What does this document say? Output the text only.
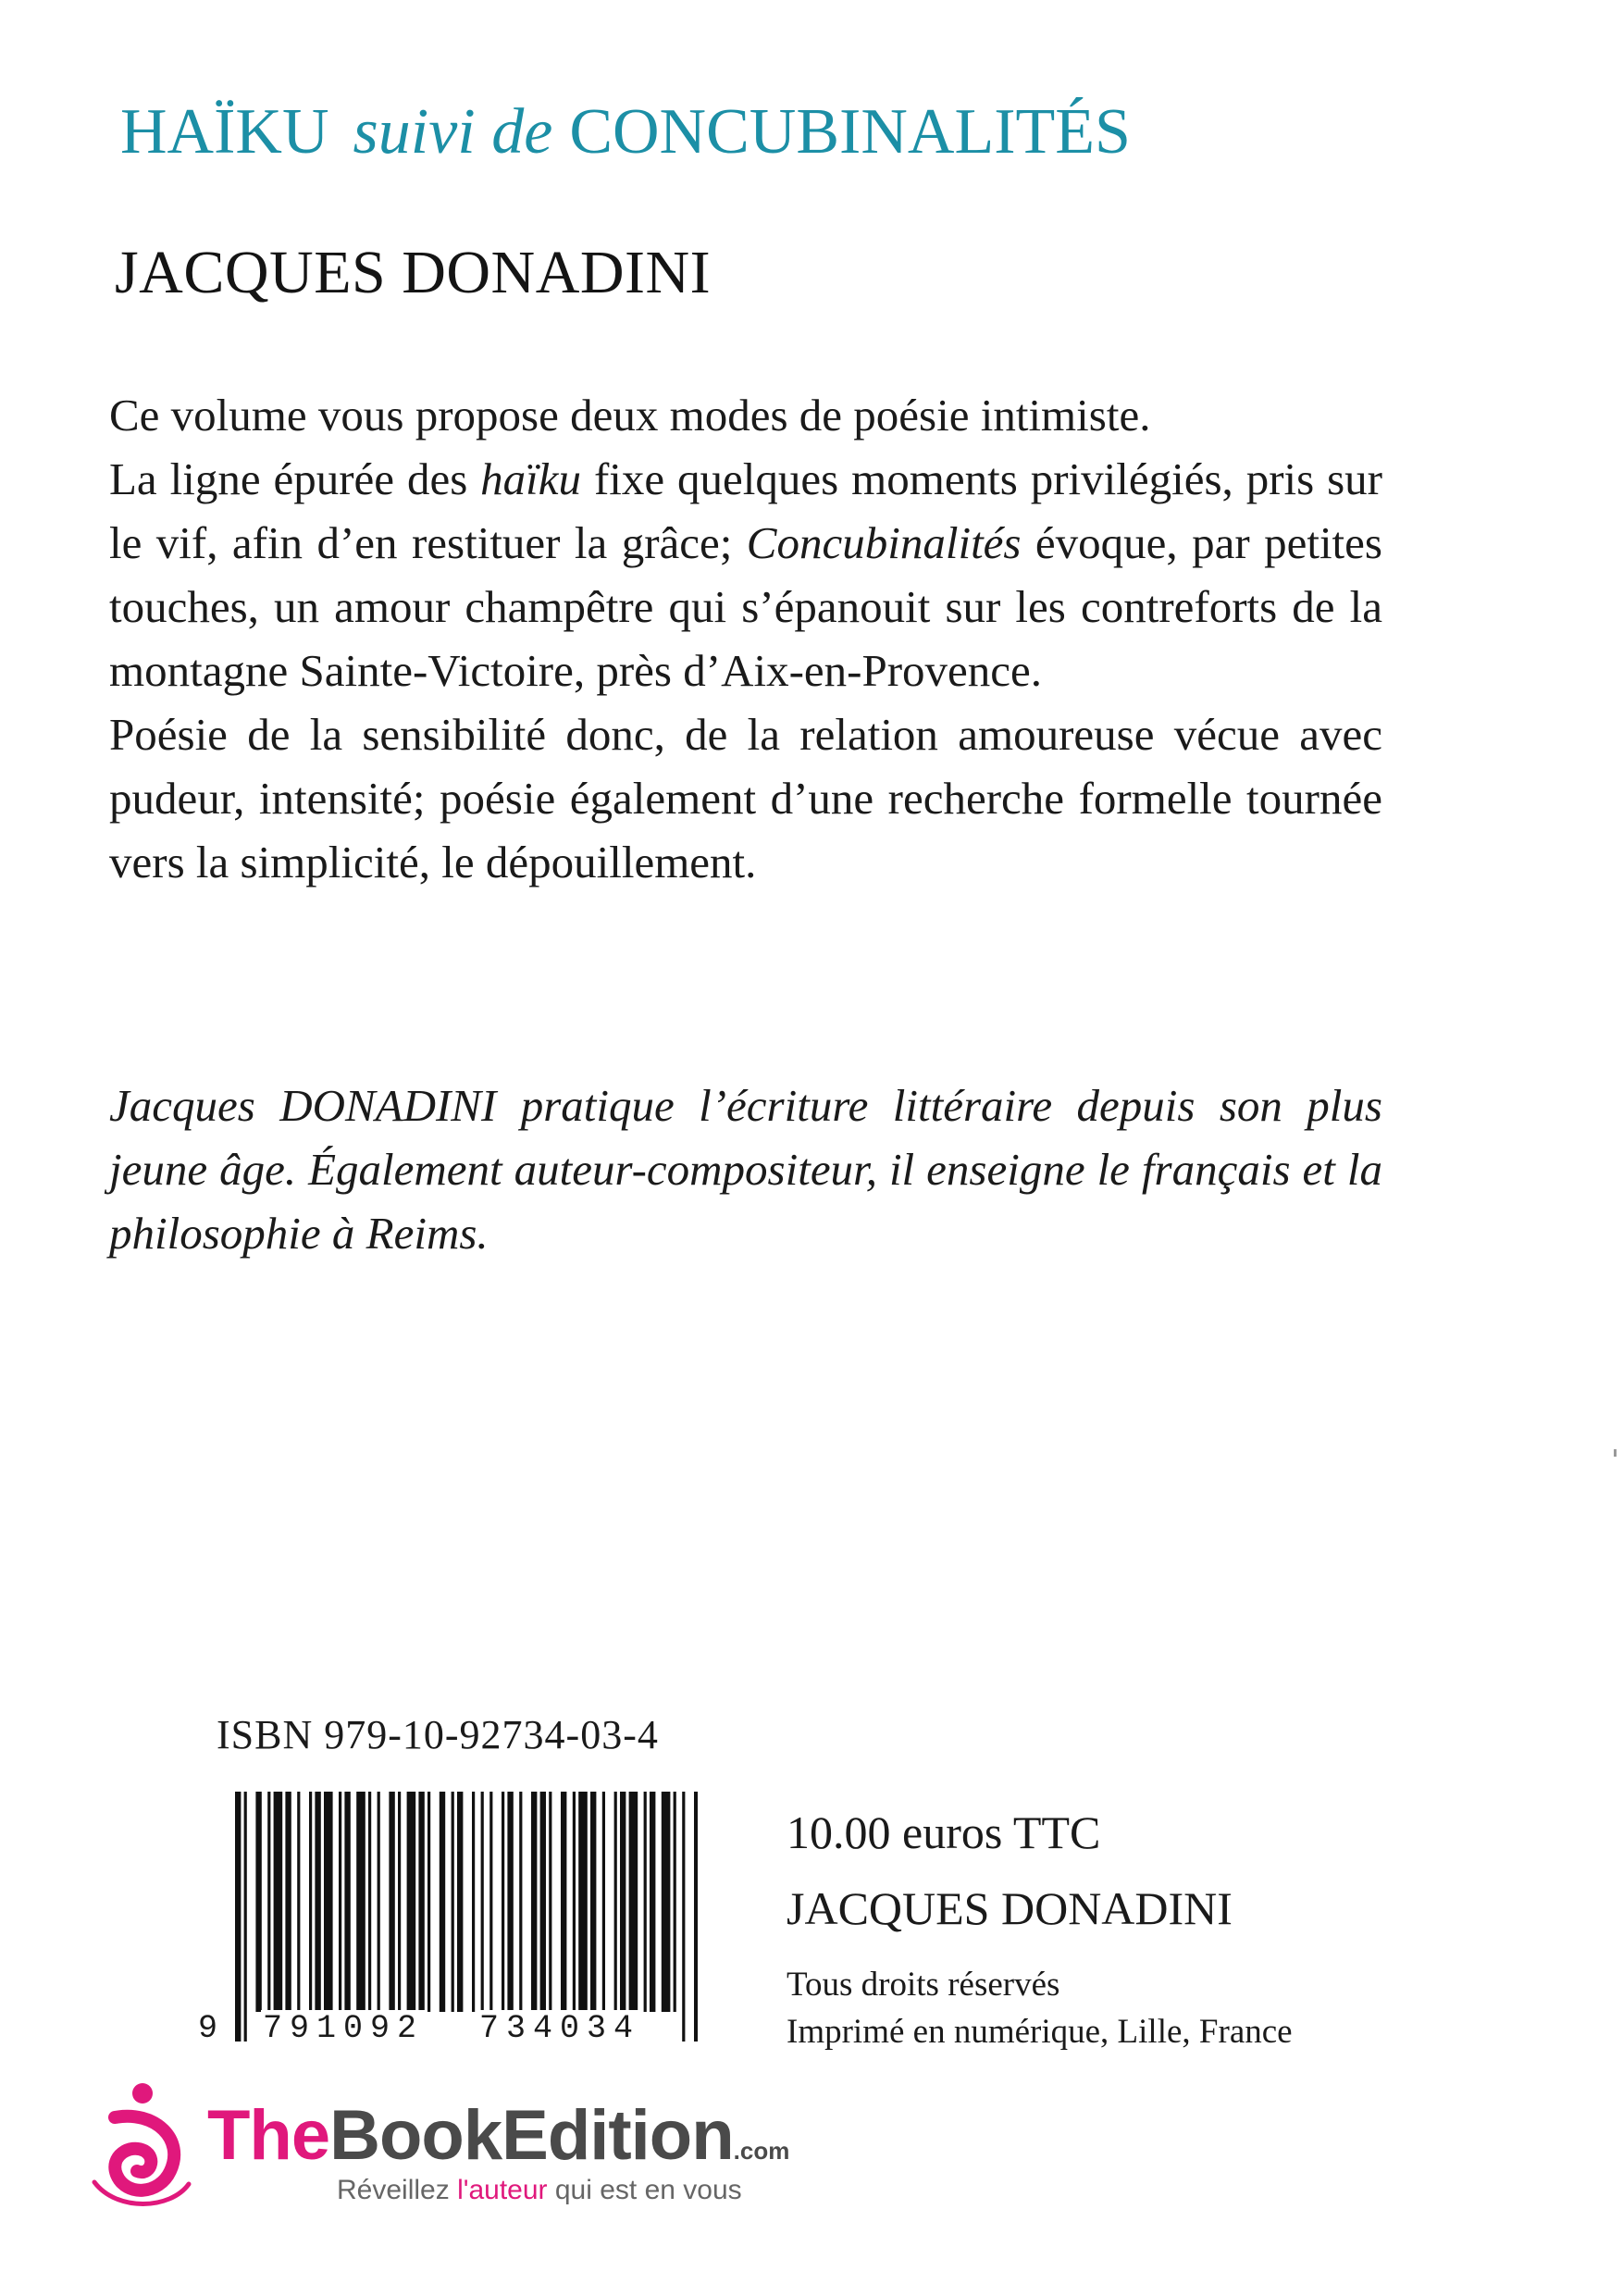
HAÏKU suivi de CONCUBINALITÉS
JACQUES DONADINI

Ce volume vous propose deux modes de poésie intimiste.

La ligne épurée des haïku fixe quelques moments privilégiés, pris sur le vif, afin d’en restituer la grâce; Concubinalités évoque, par petites touches, un amour champêtre qui s’épanouit sur les contreforts de la montagne Sainte-Victoire, près d’Aix-en-Provence.

Poésie de la sensibilité donc, de la relation amoureuse vécue avec pudeur, intensité; poésie également d’une recherche formelle tournée vers la simplicité, le dépouillement.

Jacques DONADINI pratique l’écriture littéraire depuis son plus jeune âge. Également auteur-compositeur, il enseigne le français et la philosophie à Reims.
ISBN 979-10-92734-03-4
9 791092 734034
10.00 euros TTC
JACQUES DONADINI
Tous droits réservés
Imprimé en numérique, Lille, France
TheBookEdition.com
Réveillez l'auteur qui est en vous
